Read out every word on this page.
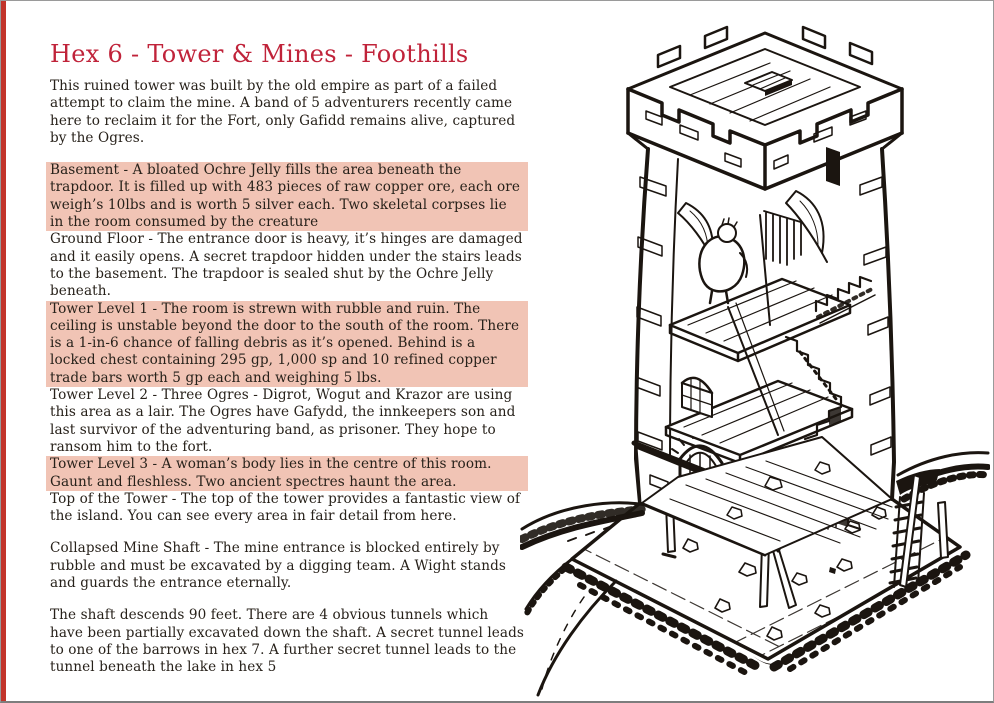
Hex 6 - Tower & Mines - Foothills

This ruined tower was built by the old empire as part of a failed attempt to claim the mine. A band of 5 adventurers recently came here to reclaim it for the Fort, only Gafidd remains alive, captured by the Ogres.

Basement - A bloated Ochre Jelly fills the area beneath the trapdoor. It is filled up with 483 pieces of raw copper ore, each ore weigh’s 10lbs and is worth 5 silver each. Two skeletal corpses lie in the room consumed by the creature

Ground Floor - The entrance door is heavy, it’s hinges are damaged and it easily opens. A secret trapdoor hidden under the stairs leads to the basement. The trapdoor is sealed shut by the Ochre Jelly beneath.

Tower Level 1 - The room is strewn with rubble and ruin. The ceiling is unstable beyond the door to the south of the room. There is a 1-in-6 chance of falling debris as it’s opened. Behind is a locked chest containing 295 gp, 1,000 sp and 10 refined copper trade bars worth 5 gp each and weighing 5 lbs.

Tower Level 2 - Three Ogres - Digrot, Wogut and Krazor are using this area as a lair. The Ogres have Gafydd, the innkeepers son and last survivor of the adventuring band, as prisoner. They hope to ransom him to the fort.

Tower Level 3 - A woman’s body lies in the centre of this room. Gaunt and fleshless. Two ancient spectres haunt the area.

Top of the Tower - The top of the tower provides a fantastic view of the island. You can see every area in fair detail from here.

Collapsed Mine Shaft - The mine entrance is blocked entirely by rubble and must be excavated by a digging team. A Wight stands and guards the entrance eternally.

The shaft descends 90 feet. There are 4 obvious tunnels which have been partially excavated down the shaft. A secret tunnel leads to one of the barrows in hex 7. A further secret tunnel leads to the tunnel beneath the lake in hex 5
